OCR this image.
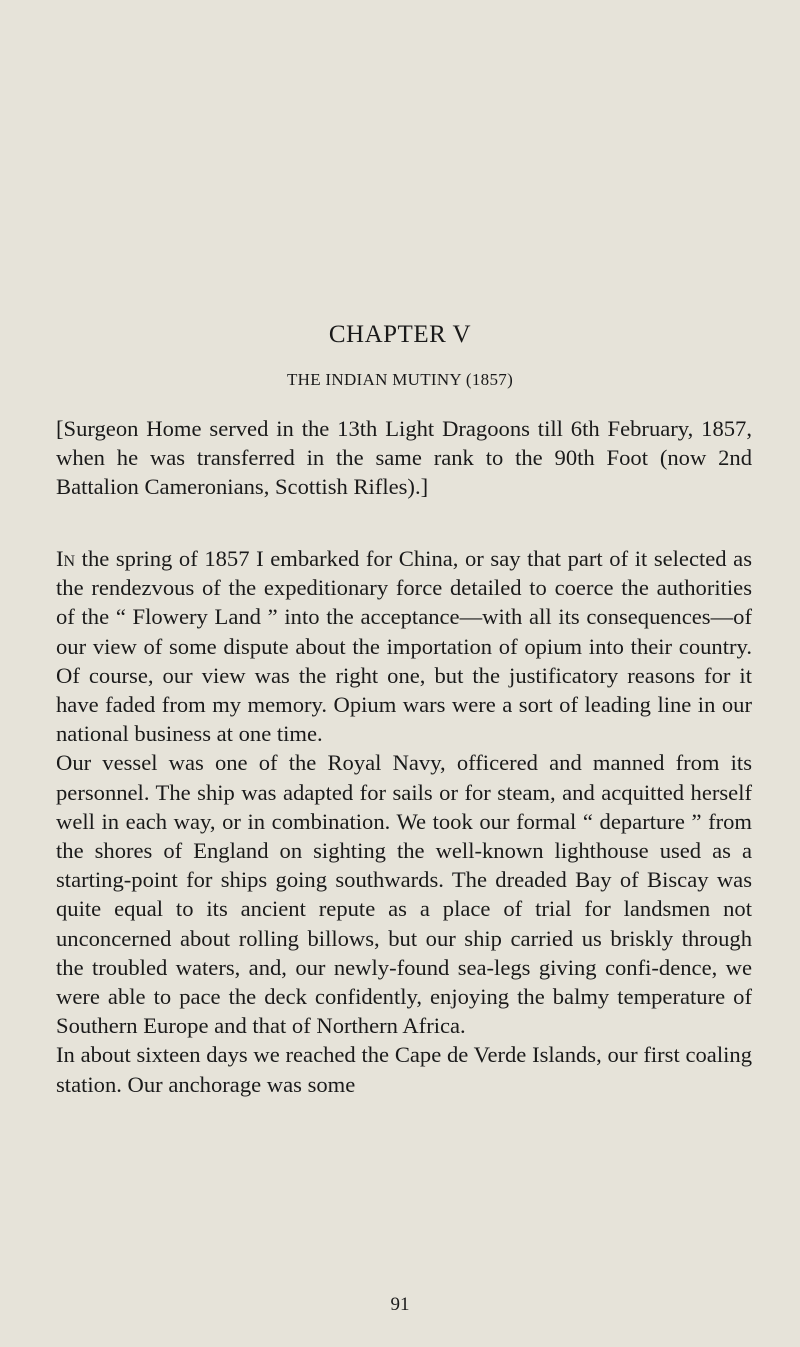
CHAPTER V
THE INDIAN MUTINY (1857)
[Surgeon Home served in the 13th Light Dragoons till 6th February, 1857, when he was transferred in the same rank to the 90th Foot (now 2nd Battalion Cameronians, Scottish Rifles).]

In the spring of 1857 I embarked for China, or say that part of it selected as the rendezvous of the expeditionary force detailed to coerce the authorities of the “ Flowery Land ” into the acceptance—with all its consequences—of our view of some dispute about the importation of opium into their country. Of course, our view was the right one, but the justificatory reasons for it have faded from my memory. Opium wars were a sort of leading line in our national business at one time.

Our vessel was one of the Royal Navy, officered and manned from its personnel. The ship was adapted for sails or for steam, and acquitted herself well in each way, or in combination. We took our formal “ departure ” from the shores of England on sighting the well-known lighthouse used as a starting-point for ships going southwards. The dreaded Bay of Biscay was quite equal to its ancient repute as a place of trial for landsmen not unconcerned about rolling billows, but our ship carried us briskly through the troubled waters, and, our newly-found sea-legs giving confi-dence, we were able to pace the deck confidently, enjoying the balmy temperature of Southern Europe and that of Northern Africa.

In about sixteen days we reached the Cape de Verde Islands, our first coaling station. Our anchorage was some

91
